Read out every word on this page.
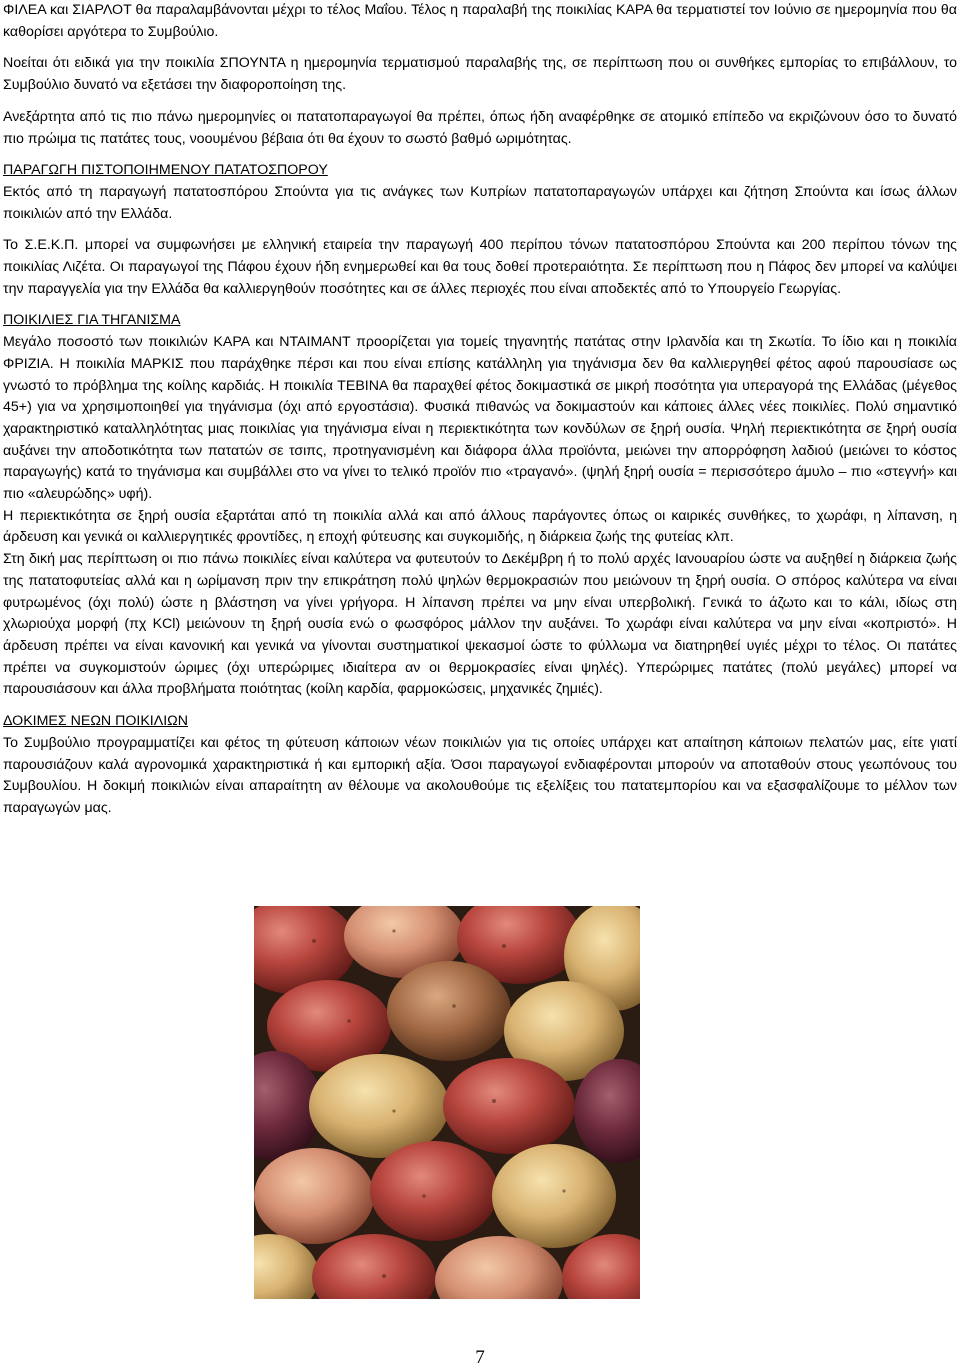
ΦΙΛΕΑ και ΣΙΑΡΛΟΤ θα παραλαμβάνονται μέχρι το τέλος Μαΐου. Τέλος η παραλαβή της ποικιλίας ΚΑΡΑ θα τερματιστεί τον Ιούνιο σε ημερομηνία που θα καθορίσει αργότερα το Συμβούλιο.

Νοείται ότι ειδικά για την ποικιλία ΣΠΟΥΝΤΑ η ημερομηνία τερματισμού παραλαβής της, σε περίπτωση που οι συνθήκες εμπορίας το επιβάλλουν, το Συμβούλιο δυνατό να εξετάσει την διαφοροποίηση της.

Ανεξάρτητα από τις πιο πάνω ημερομηνίες οι πατατοπαραγωγοί θα πρέπει, όπως ήδη αναφέρθηκε σε ατομικό επίπεδο να εκριζώνουν όσο το δυνατό πιο πρώιμα τις πατάτες τους, νοουμένου βέβαια ότι θα έχουν το σωστό βαθμό ωριμότητας.

ΠΑΡΑΓΩΓΗ ΠΙΣΤΟΠΟΙΗΜΕΝΟΥ ΠΑΤΑΤΟΣΠΟΡΟΥ

Εκτός από τη παραγωγή πατατοσπόρου Σπούντα για τις ανάγκες των Κυπρίων πατατοπαραγωγών υπάρχει και ζήτηση Σπούντα και ίσως άλλων ποικιλιών από την Ελλάδα.

Το Σ.Ε.Κ.Π. μπορεί να συμφωνήσει με ελληνική εταιρεία την παραγωγή 400 περίπου τόνων πατατοσπόρου Σπούντα και 200 περίπου τόνων της ποικιλίας Λιζέτα. Οι παραγωγοί της Πάφου έχουν ήδη ενημερωθεί και θα τους δοθεί προτεραιότητα. Σε περίπτωση που η Πάφος δεν μπορεί να καλύψει την παραγγελία για την Ελλάδα θα καλλιεργηθούν ποσότητες και σε άλλες περιοχές που είναι αποδεκτές από το Υπουργείο Γεωργίας.

ΠΟΙΚΙΛΙΕΣ ΓΙΑ ΤΗΓΑΝΙΣΜΑ

Μεγάλο ποσοστό των ποικιλιών ΚΑΡΑ και ΝΤΑΙΜΑΝΤ προορίζεται για τομείς τηγανητής πατάτας στην Ιρλανδία και τη Σκωτία. Το ίδιο και η ποικιλία ΦΡΙΖΙΑ. Η ποικιλία ΜΑΡΚΙΣ που παράχθηκε πέρσι και που είναι επίσης κατάλληλη για τηγάνισμα δεν θα καλλιεργηθεί φέτος αφού παρουσίασε ως γνωστό το πρόβλημα της κοίλης καρδιάς. Η ποικιλία ΤΕΒΙΝΑ θα παραχθεί φέτος δοκιμαστικά σε μικρή ποσότητα για υπεραγορά της Ελλάδας (μέγεθος 45+) για να χρησιμοποιηθεί για τηγάνισμα (όχι από εργοστάσια). Φυσικά πιθανώς να δοκιμαστούν και κάποιες άλλες νέες ποικιλίες. Πολύ σημαντικό χαρακτηριστικό καταλληλότητας μιας ποικιλίας για τηγάνισμα είναι η περιεκτικότητα των κονδύλων σε ξηρή ουσία. Ψηλή περιεκτικότητα σε ξηρή ουσία αυξάνει την αποδοτικότητα των πατατών σε τσιπς, προτηγανισμένη και διάφορα άλλα προϊόντα, μειώνει την απορρόφηση λαδιού (μειώνει το κόστος παραγωγής) κατά το τηγάνισμα και συμβάλλει στο να γίνει το τελικό προϊόν πιο «τραγανό». (ψηλή ξηρή ουσία = περισσότερο άμυλο – πιο «στεγνή» και πιο «αλευρώδης» υφή).

Η περιεκτικότητα σε ξηρή ουσία εξαρτάται από τη ποικιλία αλλά και από άλλους παράγοντες όπως οι καιρικές συνθήκες, το χωράφι, η λίπανση, η άρδευση και γενικά οι καλλιεργητικές φροντίδες, η εποχή φύτευσης και συγκομιδής, η διάρκεια ζωής της φυτείας κλπ.

Στη δική μας περίπτωση οι πιο πάνω ποικιλίες είναι καλύτερα να φυτευτούν το Δεκέμβρη ή το πολύ αρχές Ιανουαρίου ώστε να αυξηθεί η διάρκεια ζωής της πατατοφυτείας αλλά και η ωρίμανση πριν την επικράτηση πολύ ψηλών θερμοκρασιών που μειώνουν τη ξηρή ουσία. Ο σπόρος καλύτερα να είναι φυτρωμένος (όχι πολύ) ώστε η βλάστηση να γίνει γρήγορα. Η λίπανση πρέπει να μην είναι υπερβολική. Γενικά το άζωτο και το κάλι, ιδίως στη χλωριούχα μορφή (πχ KCl) μειώνουν τη ξηρή ουσία ενώ ο φωσφόρος μάλλον την αυξάνει. Το χωράφι είναι καλύτερα να μην είναι «κοπριστό». Η άρδευση πρέπει να είναι κανονική και γενικά να γίνονται συστηματικοί ψεκασμοί ώστε το φύλλωμα να διατηρηθεί υγιές μέχρι το τέλος. Οι πατάτες πρέπει να συγκομιστούν ώριμες (όχι υπερώριμες ιδιαίτερα αν οι θερμοκρασίες είναι ψηλές). Υπερώριμες πατάτες (πολύ μεγάλες) μπορεί να παρουσιάσουν και άλλα προβλήματα ποιότητας (κοίλη καρδία, φαρμοκώσεις, μηχανικές ζημιές).

ΔΟΚΙΜΕΣ ΝΕΩΝ ΠΟΙΚΙΛΙΩΝ

Το Συμβούλιο προγραμματίζει και φέτος τη φύτευση κάποιων νέων ποικιλιών για τις οποίες υπάρχει κατ απαίτηση κάποιων πελατών μας, είτε γιατί παρουσιάζουν καλά αγρονομικά χαρακτηριστικά ή και εμπορική αξία. Όσοι παραγωγοί ενδιαφέρονται μπορούν να αποταθούν στους γεωπόνους του Συμβουλίου. Η δοκιμή ποικιλιών είναι απαραίτητη αν θέλουμε να ακολουθούμε τις εξελίξεις του πατατεμπορίου και να εξασφαλίζουμε το μέλλον των παραγωγών μας.

7
